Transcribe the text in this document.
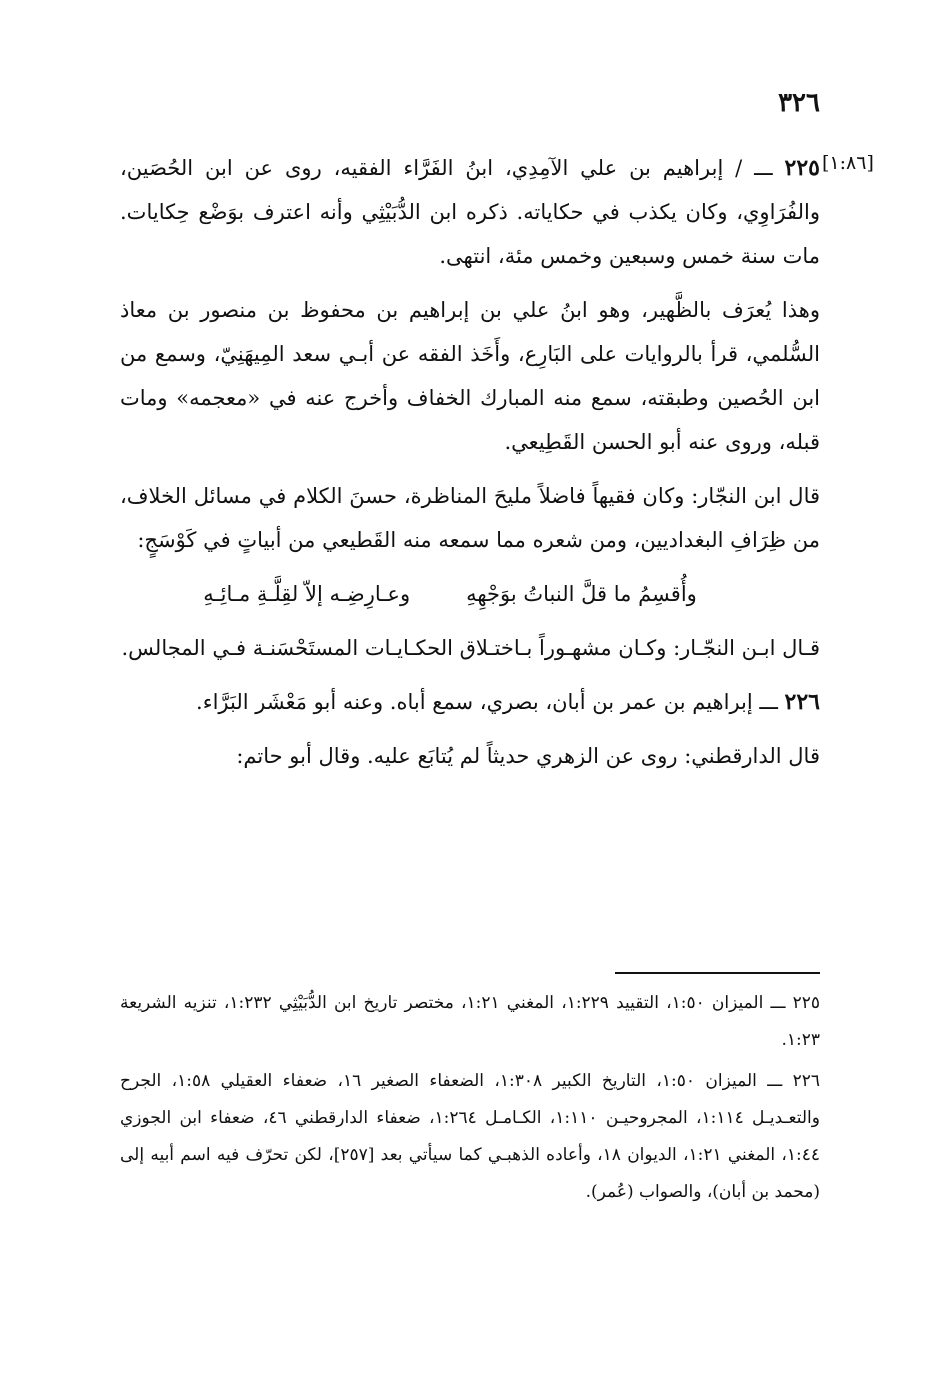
٣٢٦
[١:٨٦]

٢٢٥ ـــ / إبراهيم بن علي الآمِدِي، ابنُ الفَرَّاء الفقيه، روى عن ابن الحُصَين، والفُرَاوِي، وكان يكذب في حكاياته. ذكره ابن الدُّبَيْثِي وأنه اعترف بوَضْع حِكايات. مات سنة خمس وسبعين وخمس مئة، انتهى.

وهذا يُعرَف بالظَّهير، وهو ابنُ علي بن إبراهيم بن محفوظ بن منصور بن معاذ السُّلمي، قرأ بالروايات على البَارِع، وأَخَذ الفقه عن أبـي سعد المِيهَنِيّ، وسمع من ابن الحُصين وطبقته، سمع منه المبارك الخفاف وأخرج عنه في «معجمه» ومات قبله، وروى عنه أبو الحسن القَطِيعي.

قال ابن النجّار: وكان فقيهاً فاضلاً مليحَ المناظرة، حسنَ الكلام في مسائل الخلاف، من ظِرَافِ البغداديين، ومن شعره مما سمعه منه القَطيعي من أبياتٍ في كَوْسَجٍ:

وأُقسِمُ ما قلَّ النباتُ بوَجْهِهِ
وعـارِضِـه إلاّ لقِلَّـةِ مـائِـهِ

قـال ابـن النجّـار: وكـان مشهـوراً بـاختـلاق الحكـايـات المستَحْسَنـة فـي المجالس.

٢٢٦ ـــ إبراهيم بن عمر بن أبان، بصري، سمع أباه. وعنه أبو مَعْشَر البَرَّاء.

قال الدارقطني: روى عن الزهري حديثاً لم يُتابَع عليه. وقال أبو حاتم:

٢٢٥ ـــ الميزان ١:٥٠، التقييد ١:٢٢٩، المغني ١:٢١، مختصر تاريخ ابن الدُّبَيْثِي ١:٢٣٢، تنزيه الشريعة ١:٢٣.

٢٢٦ ـــ الميزان ١:٥٠، التاريخ الكبير ١:٣٠٨، الضعفاء الصغير ١٦، ضعفاء العقيلي ١:٥٨، الجرح والتعـديـل ١:١١٤، المجروحيـن ١:١١٠، الكـامـل ١:٢٦٤، ضعفاء الدارقطني ٤٦، ضعفاء ابن الجوزي ١:٤٤، المغني ١:٢١، الديوان ١٨، وأعاده الذهبـي كما سيأتي بعد [٢٥٧]، لكن تحرّف فيه اسم أبيه إلى (محمد بن أبان)، والصواب (عُمر).
